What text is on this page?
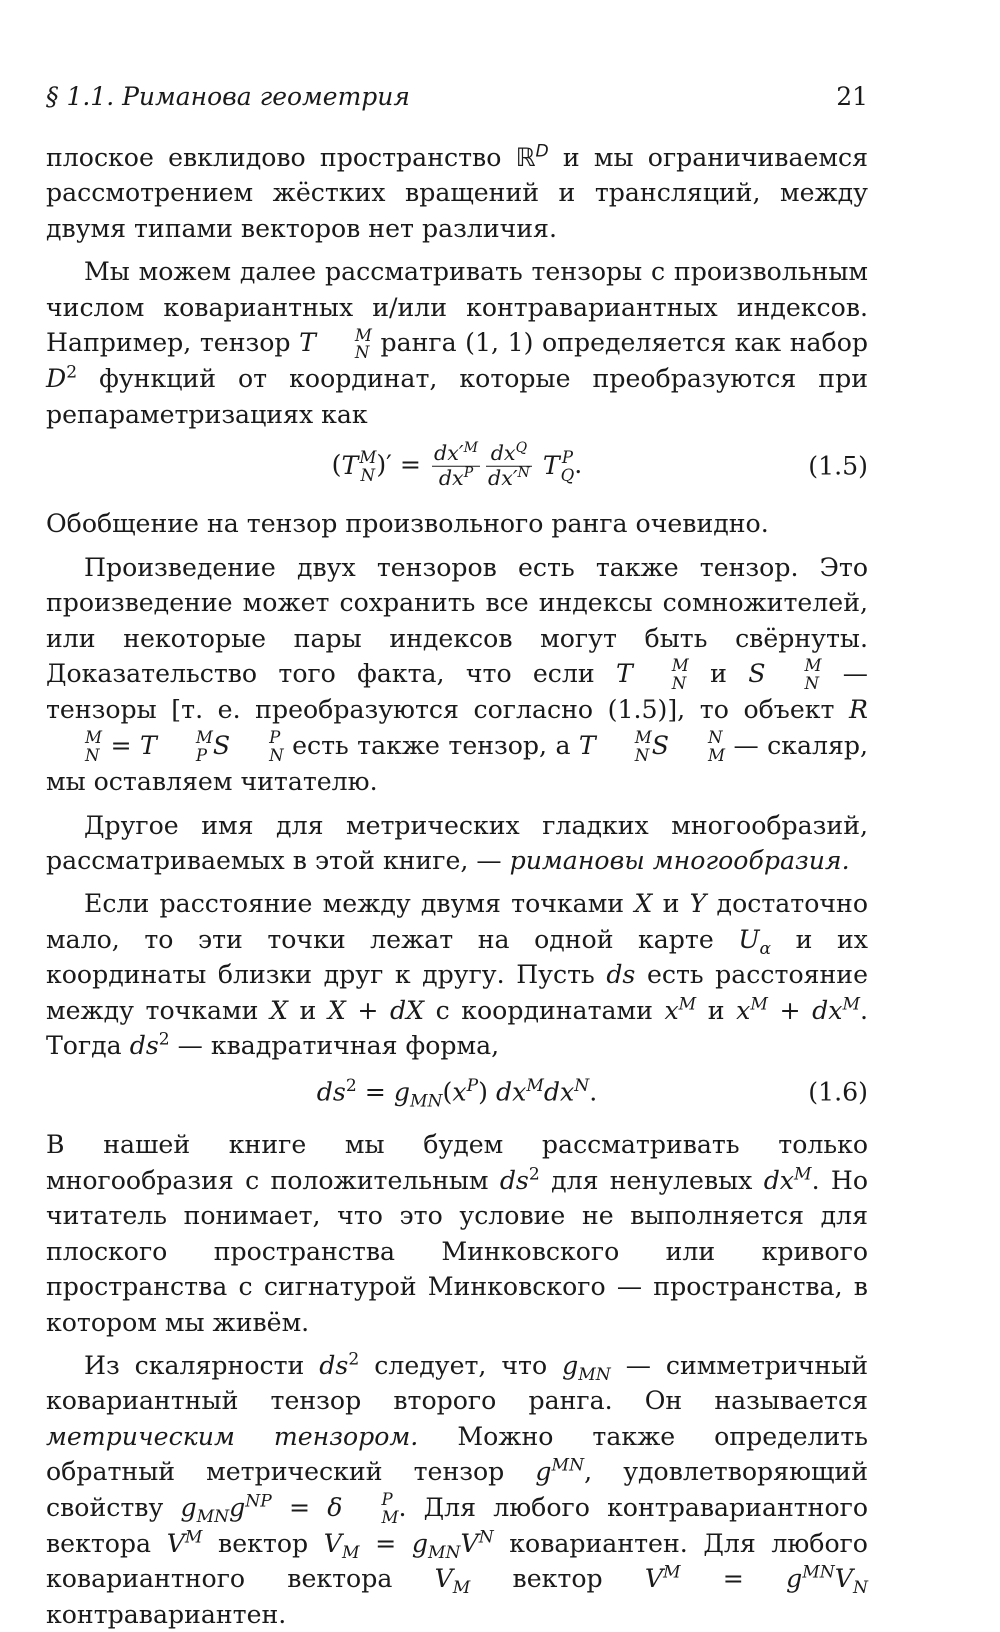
§ 1.1. Римановa геометрия	21

плоское евклидово пространство ℝ$^D$ и мы ограничиваемся рассмотрением жёстких вращений и трансляций, между двумя типами векторов нет различия.

Мы можем далее рассматривать тензоры с произвольным числом ковариантных и/или контравариантных индексов. Например, тензор T	M
N ранга (1, 1) определяется как набор $D^2$ функций от координат, которые преобразуются при репараметризациях как

(T M
N )′ = $\frac{dx'^M}{dx^P} \frac{dx^Q}{dx'^N}$ T P
Q .	(1.5)

Обобщение на тензор произвольного ранга очевидно.

Произведение двух тензоров есть также тензор. Это произведение может сохранить все индексы сомножителей, или некоторые пары индексов могут быть свёрнуты. Доказательство того факта, что если T	M
N и S	M
N — тензоры [т. е. преобразуются согласно (1.5)], то объект R
M
N = T	M
P S	P
N есть также тензор, а T	M
N S	N
M — скаляр, мы оставляем читателю.

Другое имя для метрических гладких многообразий, рассматриваемых в этой книге, — римановы многообразия.

Если расстояние между двумя точками X и Y достаточно мало, то эти точки лежат на одной карте $U_\alpha$ и их координаты близки друг к другу. Пусть ds есть расстояние между точками X и X + dX с координатами $x^M$ и $x^M + dx^M$. Тогда $ds^2$ — квадратичная форма,

$ds^2 = g_{MN}(x^P)$ $dx^Mdx^N$.	(1.6)

В нашей книге мы будем рассматривать только многообразия с положительным $ds^2$ для ненулевых $dx^M$. Но читатель понимает, что это условие не выполняется для плоского пространства Минковского или кривого пространства с сигнатурой Минковского — пространства, в котором мы живём.

Из скалярности $ds^2$ следует, что $g_{MN}$ — симметричный ковариантный тензор второго ранга. Он называется метрическим тензором. Можно также определить обратный метрический тензор $g^{MN}$, удовлетворяющий свойству $g_{MN}g^{NP} = \delta$	P
M . Для любого контравариантного вектора $V^M$ вектор $V_M = g_{MN}V^N$ ковариантен. Для любого ковариантного вектора $V_M$ вектор $V^M = g^{MN}V_N$ контравариантен.
